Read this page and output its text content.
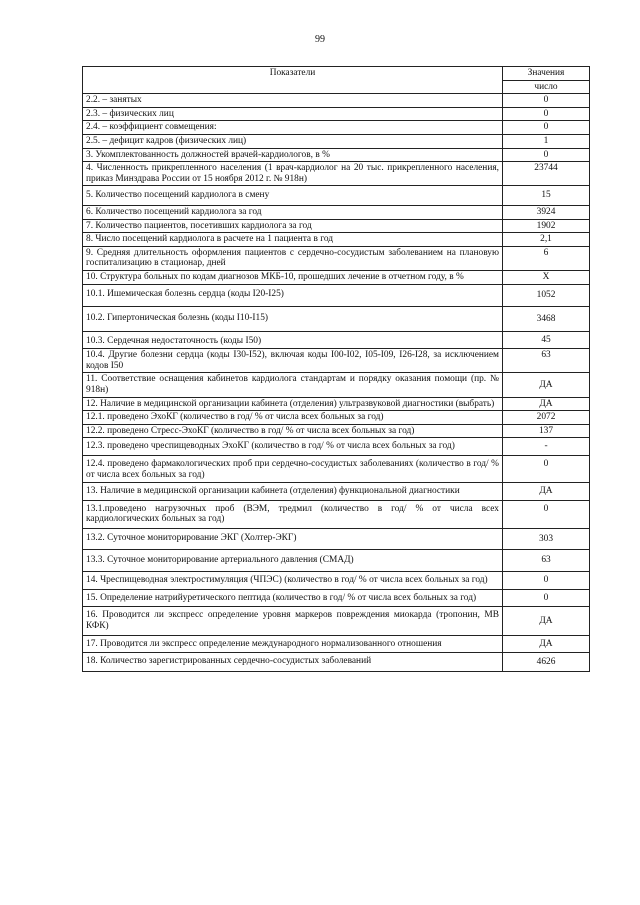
99
Показатели	Значения
	число
2.2. – занятых	0
2.3. – физических лиц	0
2.4. – коэффициент совмещения:	0
2.5. – дефицит кадров (физических лиц)	1
3. Укомплектованность должностей врачей-кардиологов, в %	0
4. Численность прикрепленного населения (1 врач-кардиолог на 20 тыс. прикрепленного населения, приказ Минздрава России от 15 ноября 2012 г. № 918н)	23744
5. Количество посещений кардиолога в смену	15
6. Количество посещений кардиолога за год	3924
7. Количество пациентов, посетивших кардиолога за год	1902
8. Число посещений кардиолога в расчете на 1 пациента в год	2,1
9. Средняя длительность оформления пациентов с сердечно-сосудистым заболеванием на плановую госпитализацию в стационар, дней	6
10. Структура больных по кодам диагнозов МКБ-10, прошедших лечение в отчетном году, в %	X
10.1. Ишемическая болезнь сердца (коды I20-I25)	1052
10.2. Гипертоническая болезнь (коды I10-I15)	3468
10.3. Сердечная недостаточность (коды I50)	45
10.4. Другие болезни сердца (коды I30-I52), включая коды I00-I02, I05-I09, I26-I28, за исключением кодов I50	63
11. Соответствие оснащения кабинетов кардиолога стандартам и порядку оказания помощи (пр. № 918н)	ДА
12. Наличие в медицинской организации кабинета (отделения) ультразвуковой диагностики (выбрать)	ДА
12.1. проведено ЭхоКГ (количество в год/ % от числа всех больных за год)	2072
12.2. проведено Стресс-ЭхоКГ (количество в год/ % от числа всех больных за год)	137
12.3. проведено чреспищеводных ЭхоКГ (количество в год/ % от числа всех больных за год)	-
12.4. проведено фармакологических проб при сердечно-сосудистых заболеваниях (количество в год/ % от числа всех больных за год)	0
13. Наличие в медицинской организации кабинета (отделения) функциональной диагностики	ДА
13.1.проведено нагрузочных проб (ВЭМ, тредмил (количество в год/ % от числа всех кардиологических больных за год)	0
13.2. Суточное мониторирование ЭКГ (Холтер-ЭКГ)	303
13.3. Суточное мониторирование артериального давления (СМАД)	63
14. Чреспищеводная электростимуляция (ЧПЭС) (количество в год/ % от числа всех больных за год)	0
15. Определение натрийуретического пептида (количество в год/ % от числа всех больных за год)	0
16. Проводится ли экспресс определение уровня маркеров повреждения миокарда (тропонин, МВ КФК)	ДА
17. Проводится ли экспресс определение международного нормализованного отношения	ДА
18. Количество зарегистрированных сердечно-сосудистых заболеваний	4626
